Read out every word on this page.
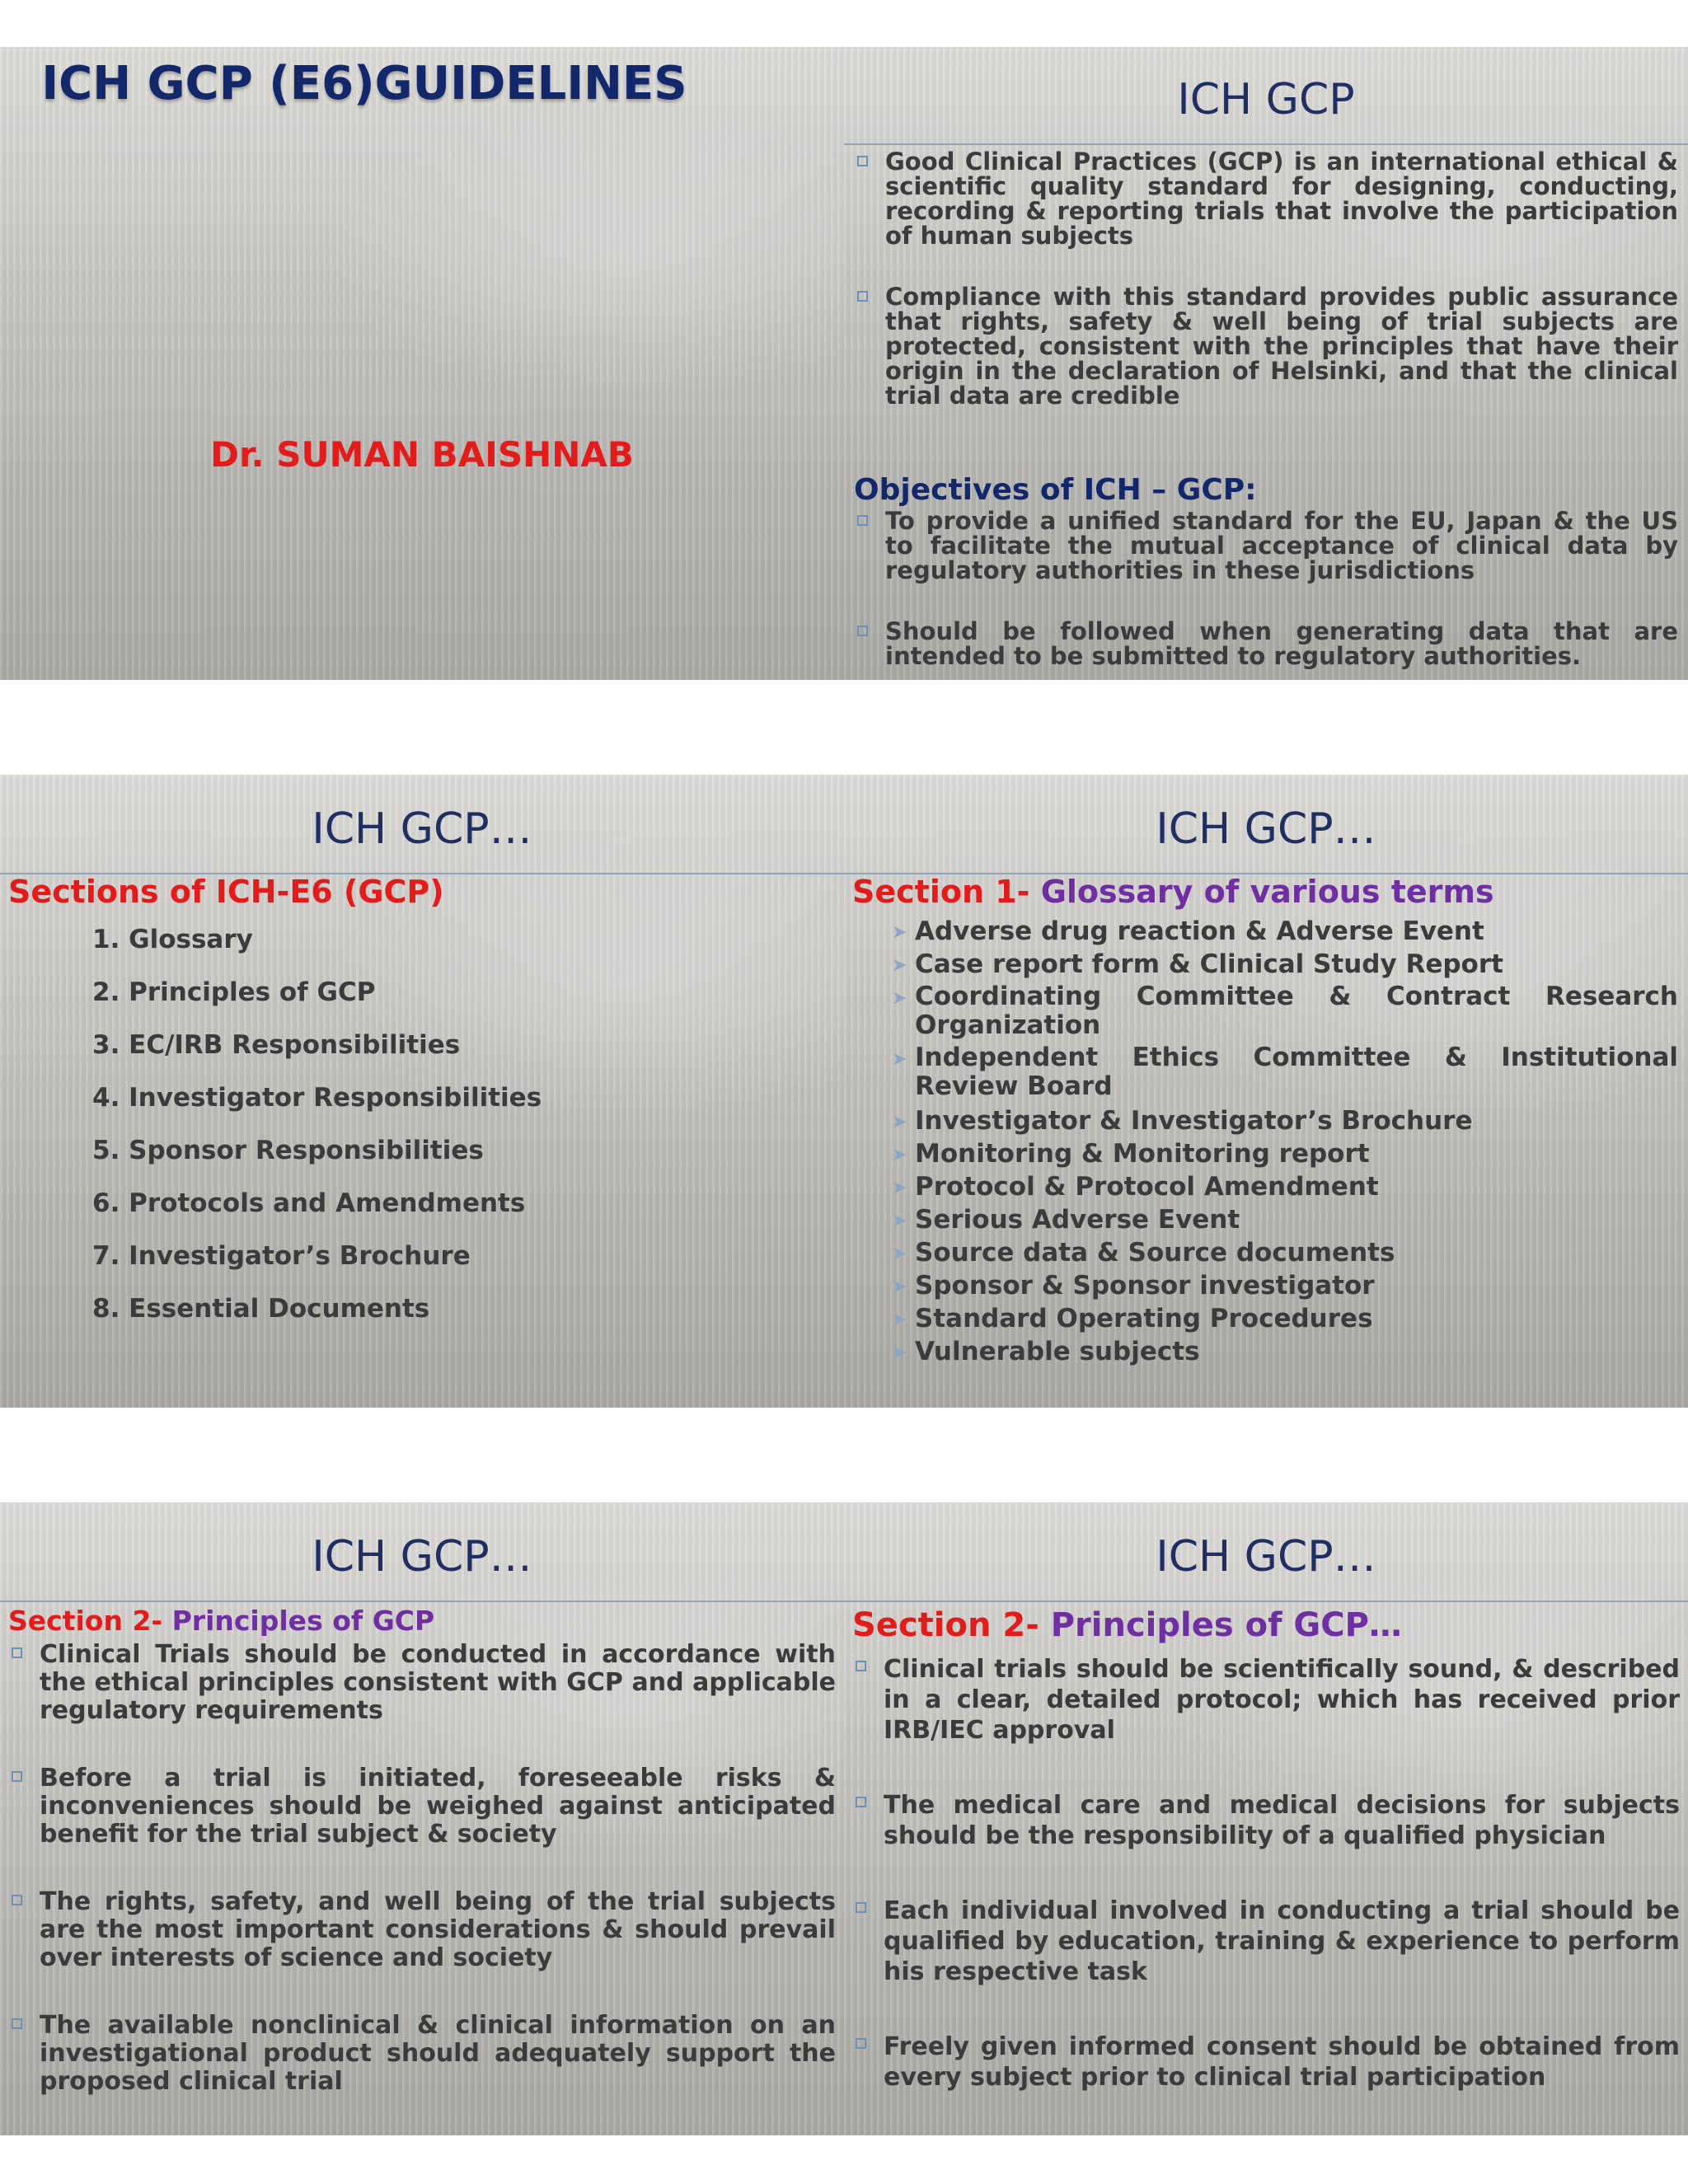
ICH GCP (E6)GUIDELINES
Dr. SUMAN BAISHNAB
ICH GCP
Good Clinical Practices (GCP) is an international ethical & scientific quality standard for designing, conducting, recording & reporting trials that involve the participation of human subjects
Compliance with this standard provides public assurance that rights, safety & well being of trial subjects are protected, consistent with the principles that have their origin in the declaration of Helsinki, and that the clinical trial data are credible
Objectives of ICH – GCP:
To provide a unified standard for the EU, Japan & the US to facilitate the mutual acceptance of clinical data by regulatory authorities in these jurisdictions
Should be followed when generating data that are intended to be submitted to regulatory authorities.
ICH GCP…
Sections of ICH-E6 (GCP)
1. Glossary
2. Principles of GCP
3. EC/IRB Responsibilities
4. Investigator Responsibilities
5. Sponsor Responsibilities
6. Protocols and Amendments
7. Investigator’s Brochure
8. Essential Documents
ICH GCP…
Section 1- Glossary of various terms
➤ Adverse drug reaction & Adverse Event
➤ Case report form & Clinical Study Report
➤ Coordinating Committee & Contract Research Organization
➤ Independent Ethics Committee & Institutional Review Board
➤ Investigator & Investigator’s Brochure
➤ Monitoring & Monitoring report
➤ Protocol & Protocol Amendment
➤ Serious Adverse Event
➤ Source data & Source documents
➤ Sponsor & Sponsor investigator
➤ Standard Operating Procedures
➤ Vulnerable subjects
ICH GCP…
Section 2- Principles of GCP
Clinical Trials should be conducted in accordance with the ethical principles consistent with GCP and applicable regulatory requirements
Before a trial is initiated, foreseeable risks & inconveniences should be weighed against anticipated benefit for the trial subject & society
The rights, safety, and well being of the trial subjects are the most important considerations & should prevail over interests of science and society
The available nonclinical & clinical information on an investigational product should adequately support the proposed clinical trial
ICH GCP…
Section 2- Principles of GCP…
Clinical trials should be scientifically sound, & described in a clear, detailed protocol; which has received prior IRB/IEC approval
The medical care and medical decisions for subjects should be the responsibility of a qualified physician
Each individual involved in conducting a trial should be qualified by education, training & experience to perform his respective task
Freely given informed consent should be obtained from every subject prior to clinical trial participation
